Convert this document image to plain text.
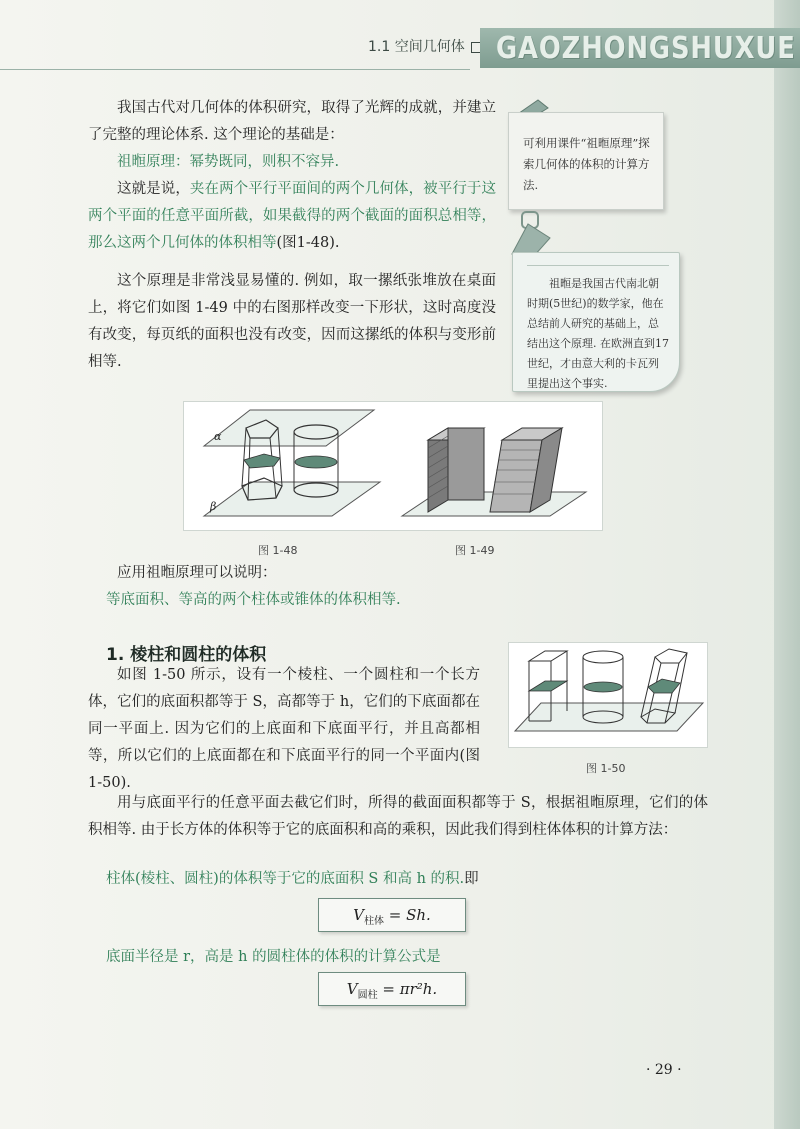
1.1 空间几何体	GAOZHONGSHUXUE
我国古代对几何体的体积研究，取得了光辉的成就，并建立了完整的理论体系. 这个理论的基础是：
祖暅原理：幂势既同，则积不容异.
这就是说，夹在两个平行平面间的两个几何体，被平行于这两个平面的任意平面所截，如果截得的两个截面的面积总相等，那么这两个几何体的体积相等(图1-48).
这个原理是非常浅显易懂的. 例如，取一摞纸张堆放在桌面上，将它们如图 1-49 中的右图那样改变一下形状，这时高度没有改变，每页纸的面积也没有改变，因而这摞纸的体积与变形前相等.
可利用课件“祖暅原理”探索几何体的体积的计算方法.
祖暅是我国古代南北朝时期(5世纪)的数学家，他在总结前人研究的基础上，总结出这个原理. 在欧洲直到17世纪，才由意大利的卡瓦列里提出这个事实.
α
β
图 1-48	图 1-49
应用祖暅原理可以说明：
等底面积、等高的两个柱体或锥体的体积相等.
1. 棱柱和圆柱的体积
如图 1-50 所示，设有一个棱柱、一个圆柱和一个长方体，它们的底面积都等于 S，高都等于 h，它们的下底面都在同一平面上. 因为它们的上底面和下底面平行，并且高都相等，所以它们的上底面都在和下底面平行的同一个平面内(图 1-50).
图 1-50
用与底面平行的任意平面去截它们时，所得的截面面积都等于 S，根据祖暅原理，它们的体积相等. 由于长方体的体积等于它的底面积和高的乘积，因此我们得到柱体体积的计算方法：
柱体(棱柱、圆柱)的体积等于它的底面积 S 和高 h 的积.即
$V_{柱体} = Sh$.
底面半径是 r，高是 h 的圆柱体的体积的计算公式是
$V_{圆柱} = \pi r^2h$.
· 29 ·
